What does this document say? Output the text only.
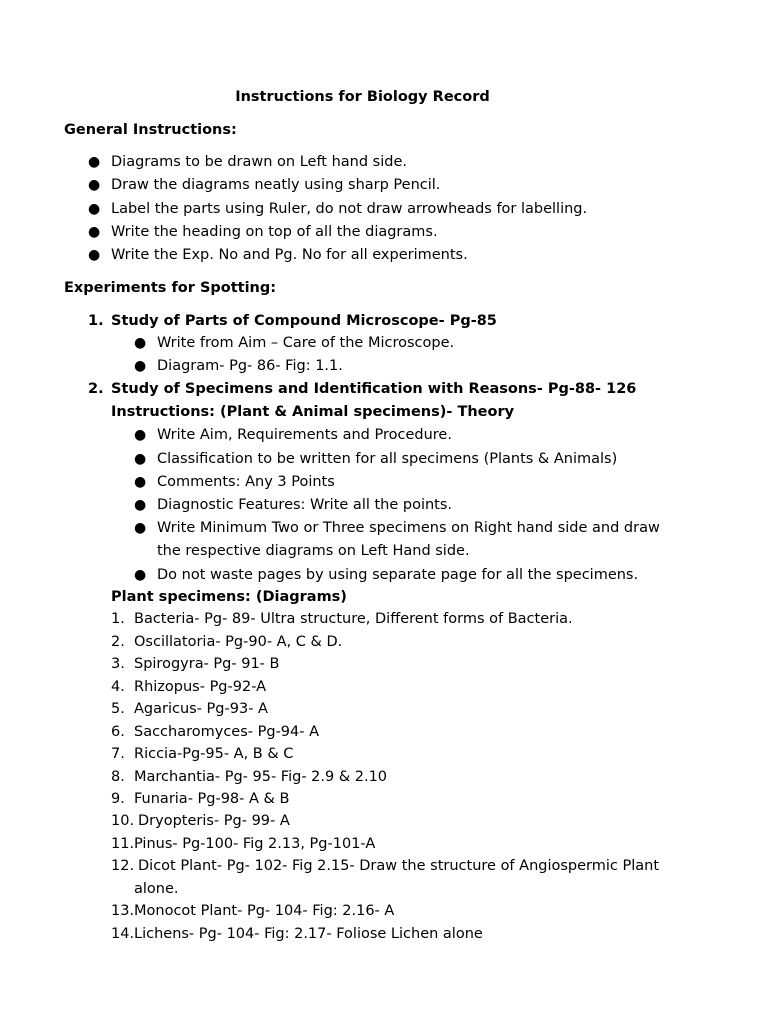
Instructions for Biology Record
General Instructions:
● Diagrams to be drawn on Left hand side.
● Draw the diagrams neatly using sharp Pencil.
● Label the parts using Ruler, do not draw arrowheads for labelling.
● Write the heading on top of all the diagrams.
● Write the Exp. No and Pg. No for all experiments.
Experiments for Spotting:
1. Study of Parts of Compound Microscope- Pg-85
● Write from Aim – Care of the Microscope.
● Diagram- Pg- 86- Fig: 1.1.
2. Study of Specimens and Identification with Reasons- Pg-88- 126
Instructions: (Plant & Animal specimens)- Theory
● Write Aim, Requirements and Procedure.
● Classification to be written for all specimens (Plants & Animals)
● Comments: Any 3 Points
● Diagnostic Features: Write all the points.
● Write Minimum Two or Three specimens on Right hand side and draw
the respective diagrams on Left Hand side.
● Do not waste pages by using separate page for all the specimens.
Plant specimens: (Diagrams)
1. Bacteria- Pg- 89- Ultra structure, Different forms of Bacteria.
2. Oscillatoria- Pg-90- A, C & D.
3. Spirogyra- Pg- 91- B
4. Rhizopus- Pg-92-A
5. Agaricus- Pg-93- A
6. Saccharomyces- Pg-94- A
7. Riccia-Pg-95- A, B & C
8. Marchantia- Pg- 95- Fig- 2.9 & 2.10
9. Funaria- Pg-98- A & B
10. Dryopteris- Pg- 99- A
11. Pinus- Pg-100- Fig 2.13, Pg-101-A
12. Dicot Plant- Pg- 102- Fig 2.15- Draw the structure of Angiospermic Plant
alone.
13. Monocot Plant- Pg- 104- Fig: 2.16- A
14. Lichens- Pg- 104- Fig: 2.17- Foliose Lichen alone
